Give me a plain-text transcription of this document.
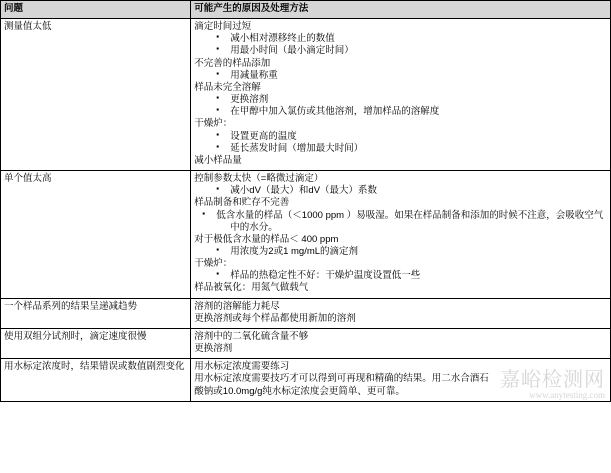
问题	可能产生的原因及处理方法
测量值太低	滴定时间过短
▪ 减小相对漂移终止的数值
▪ 用最小时间（最小滴定时间）
不完善的样品添加
▪ 用减量称重
样品未完全溶解
▪ 更换溶剂
▪ 在甲醇中加入氯仿或其他溶剂，增加样品的溶解度
干燥炉：
▪ 设置更高的温度
▪ 延长蒸发时间（增加最大时间）
减小样品量

单个值太高	控制参数太快（=略微过滴定）
▪ 减小dV（最大）和dV（最大）系数
样品制备和贮存不完善
▪ 低含水量的样品（＜1000 ppm ）易吸湿。如果在样品制备和添加的时候不注意，会吸收空气中的水分。
对于极低含水量的样品＜ 400 ppm
▪ 用浓度为2或1 mg/mL的滴定剂
干燥炉：
▪ 样品的热稳定性不好：干燥炉温度设置低一些
样品被氧化：用氮气做载气

一个样品系列的结果呈递减趋势	溶剂的溶解能力耗尽
更换溶剂或每个样品都使用新加的溶剂

使用双组分试剂时，滴定速度很慢	溶剂中的二氧化硫含量不够
更换溶剂

用水标定浓度时，结果错误或数值剧烈变化	用水标定浓度需要练习
用水标定浓度需要技巧才可以得到可再现和精确的结果。用二水合酒石
酸钠或10.0mg/g纯水标定浓度会更简单、更可靠。
嘉峪检测网
www.anytesting.com
